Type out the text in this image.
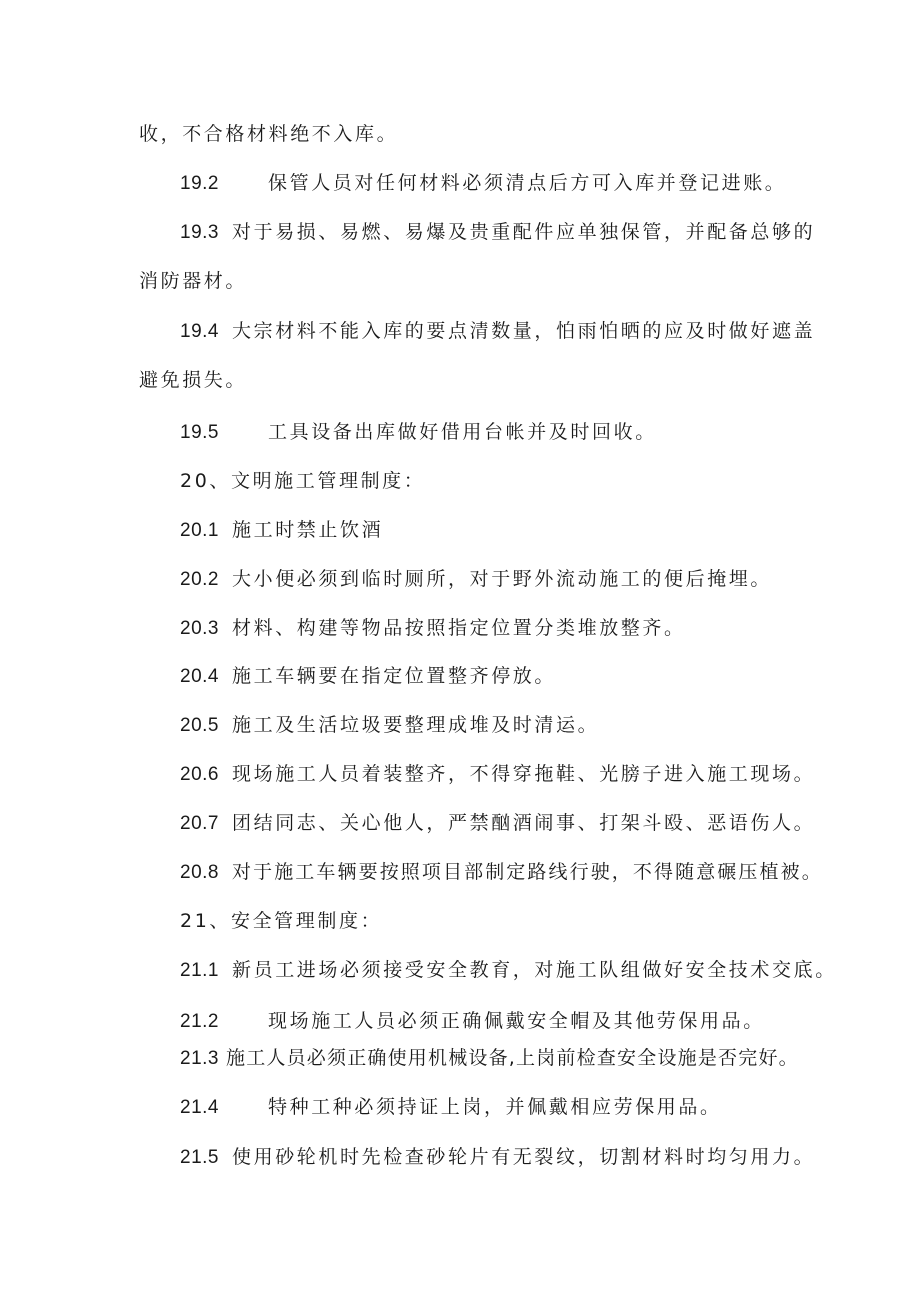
收，不合格材料绝不入库。
19.2	保管人员对任何材料必须清点后方可入库并登记进账。
19.3 对于易损、易燃、易爆及贵重配件应单独保管，并配备总够的
消防器材。
19.4 大宗材料不能入库的要点清数量，怕雨怕晒的应及时做好遮盖
避免损失。
19.5	工具设备出库做好借用台帐并及时回收。
20、文明施工管理制度：
20.1 施工时禁止饮酒
20.2 大小便必须到临时厕所，对于野外流动施工的便后掩埋。
20.3 材料、构建等物品按照指定位置分类堆放整齐。
20.4 施工车辆要在指定位置整齐停放。
20.5 施工及生活垃圾要整理成堆及时清运。
20.6 现场施工人员着装整齐，不得穿拖鞋、光膀子进入施工现场。
20.7 团结同志、关心他人，严禁酗酒闹事、打架斗殴、恶语伤人。
20.8 对于施工车辆要按照项目部制定路线行驶，不得随意碾压植被。
21、安全管理制度：
21.1 新员工进场必须接受安全教育，对施工队组做好安全技术交底。
21.2	现场施工人员必须正确佩戴安全帽及其他劳保用品。
21.3 施工人员必须正确使用机械设备,上岗前检查安全设施是否完好。
21.4	特种工种必须持证上岗，并佩戴相应劳保用品。
21.5 使用砂轮机时先检查砂轮片有无裂纹，切割材料时均匀用力。
